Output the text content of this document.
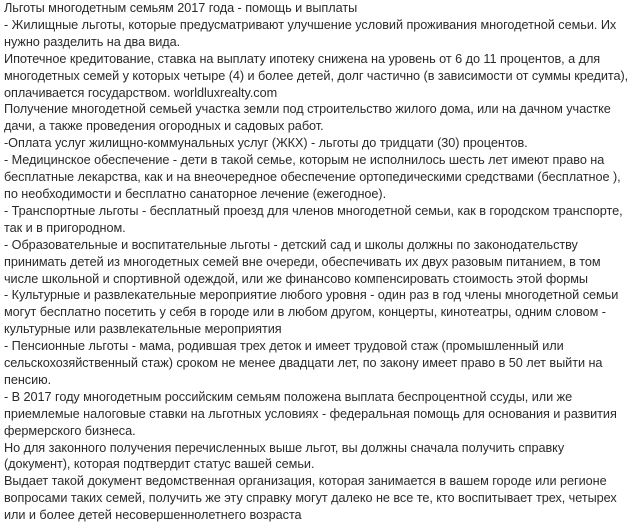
Льготы многодетным семьям 2017 года - помощь и выплаты
- Жилищные льготы, которые предусматривают улучшение условий проживания многодетной семьи. Их нужно разделить на два вида.
Ипотечное кредитование, ставка на выплату ипотеку снижена на уровень от 6 до 11 процентов, а для многодетных семей у которых четыре (4) и более детей, долг частично (в зависимости от суммы кредита), оплачивается государством. worldluxrealty.com
Получение многодетной семьей участка земли под строительство жилого дома, или на дачном участке дачи, а также проведения огородных и садовых работ.
-Оплата услуг жилищно-коммунальных услуг (ЖКХ) - льготы до тридцати (30) процентов.
- Медицинское обеспечение - дети в такой семье, которым не исполнилось шесть лет имеют право на бесплатные лекарства, как и на внеочередное обеспечение ортопедическими средствами (бесплатное ), по необходимости и бесплатно санаторное лечение (ежегодное).
- Транспортные льготы - бесплатный проезд для членов многодетной семьи, как в городском транспорте, так и в пригородном.
- Образовательные и воспитательные льготы - детский сад и школы должны по законодательству принимать детей из многодетных семей вне очереди, обеспечивать их двух разовым питанием, в том числе школьной и спортивной одеждой, или же финансово компенсировать стоимость этой формы
- Культурные и развлекательные мероприятие любого уровня - один раз в год члены многодетной семьи могут бесплатно посетить у себя в городе или в любом другом, концерты, кинотеатры, одним словом - культурные или развлекательные мероприятия
- Пенсионные льготы - мама, родившая трех деток и имеет трудовой стаж (промышленный или сельскохозяйственный стаж) сроком не менее двадцати лет, по закону имеет право в 50 лет выйти на пенсию.
- В 2017 году многодетным российским семьям положена выплата беспроцентной ссуды, или же приемлемые налоговые ставки на льготных условиях - федеральная помощь для основания и развития фермерского бизнеса.
Но для законного получения перечисленных выше льгот, вы должны сначала получить справку (документ), которая подтвердит статус вашей семьи.
Выдает такой документ ведомственная организация, которая занимается в вашем городе или регионе вопросами таких семей, получить же эту справку могут далеко не все те, кто воспитывает трех, четырех или и более детей несовершеннолетнего возраста
